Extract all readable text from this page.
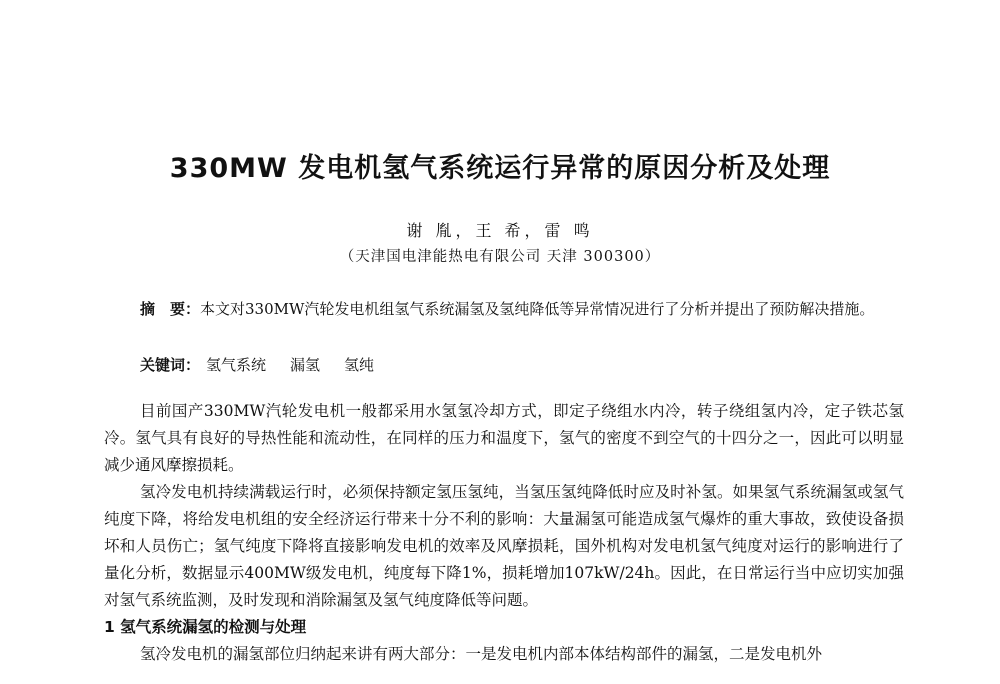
330MW 发电机氢气系统运行异常的原因分析及处理
谢 胤，王 希，雷 鸣
（天津国电津能热电有限公司 天津 300300）
摘　要：本文对330MW汽轮发电机组氢气系统漏氢及氢纯降低等异常情况进行了分析并提出了预防解决措施。
关键词： 氢气系统 漏氢 氢纯

目前国产330MW汽轮发电机一般都采用水氢氢冷却方式，即定子绕组水内冷，转子绕组氢内冷，定子铁芯氢冷。氢气具有良好的导热性能和流动性，在同样的压力和温度下，氢气的密度不到空气的十四分之一，因此可以明显减少通风摩擦损耗。

氢冷发电机持续满载运行时，必须保持额定氢压氢纯，当氢压氢纯降低时应及时补氢。如果氢气系统漏氢或氢气纯度下降，将给发电机组的安全经济运行带来十分不利的影响：大量漏氢可能造成氢气爆炸的重大事故，致使设备损坏和人员伤亡；氢气纯度下降将直接影响发电机的效率及风摩损耗，国外机构对发电机氢气纯度对运行的影响进行了量化分析，数据显示400MW级发电机，纯度每下降1%，损耗增加107kW/24h。因此，在日常运行当中应切实加强对氢气系统监测，及时发现和消除漏氢及氢气纯度降低等问题。

1 氢气系统漏氢的检测与处理

氢冷发电机的漏氢部位归纳起来讲有两大部分：一是发电机内部本体结构部件的漏氢，二是发电机外
